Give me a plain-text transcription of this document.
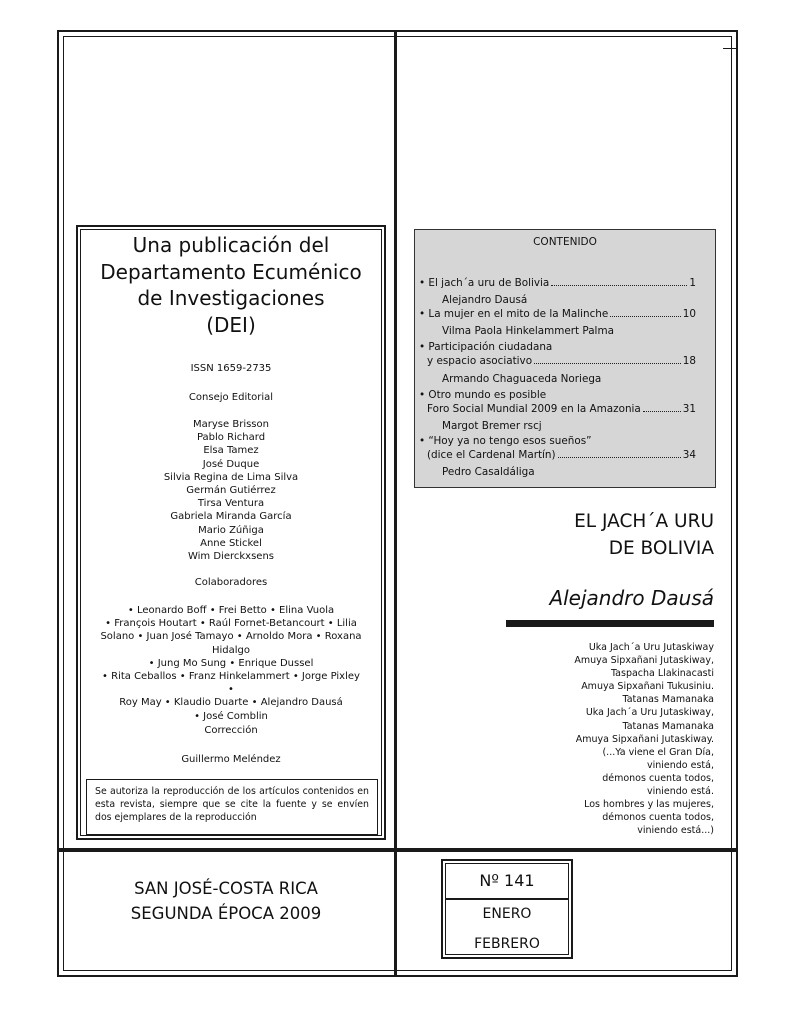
Una publicación del
Departamento Ecuménico
de Investigaciones
(DEI)
ISSN 1659-2735
Consejo Editorial
Maryse Brisson
Pablo Richard
Elsa Tamez
José Duque
Silvia Regina de Lima Silva
Germán Gutiérrez
Tirsa Ventura
Gabriela Miranda García
Mario Zúñiga
Anne Stickel
Wim Dierckxsens
Colaboradores
• Leonardo Boff • Frei Betto • Elina Vuola
• François Houtart • Raúl Fornet-Betancourt • Lilia
Solano • Juan José Tamayo • Arnoldo Mora • Roxana
Hidalgo
• Jung Mo Sung • Enrique Dussel
• Rita Ceballos • Franz Hinkelammert • Jorge Pixley •
Roy May • Klaudio Duarte • Alejandro Dausá
• José Comblin
Corrección
Guillermo Meléndez
Se autoriza la reproducción de los artículos contenidos en esta revista, siempre que se cite la fuente y se envíen dos ejemplares de la reproducción
CONTENIDO
• El jach´a uru de Bolivia	1
Alejandro Dausá
• La mujer en el mito de la Malinche	10
Vilma Paola Hinkelammert Palma
• Participación ciudadana
y espacio asociativo	18
Armando Chaguaceda Noriega
• Otro mundo es posible
Foro Social Mundial 2009 en la Amazonia	31
Margot Bremer rscj
• “Hoy ya no tengo esos sueños”
(dice el Cardenal Martín)	34
Pedro Casaldáliga
EL JACH´A URU
DE BOLIVIA
Alejandro Dausá
Uka Jach´a Uru Jutaskiway
Amuya Sipxañani Jutaskiway,
Taspacha Llakinacasti
Amuya Sipxañani Tukusiniu.
Tatanas Mamanaka
Uka Jach´a Uru Jutaskiway,
Tatanas Mamanaka
Amuya Sipxañani Jutaskiway.
(...Ya viene el Gran Día,
viniendo está,
démonos cuenta todos,
viniendo está.
Los hombres y las mujeres,
démonos cuenta todos,
viniendo está...)
SAN JOSÉ-COSTA RICA
SEGUNDA ÉPOCA 2009
Nº 141
ENERO
FEBRERO
